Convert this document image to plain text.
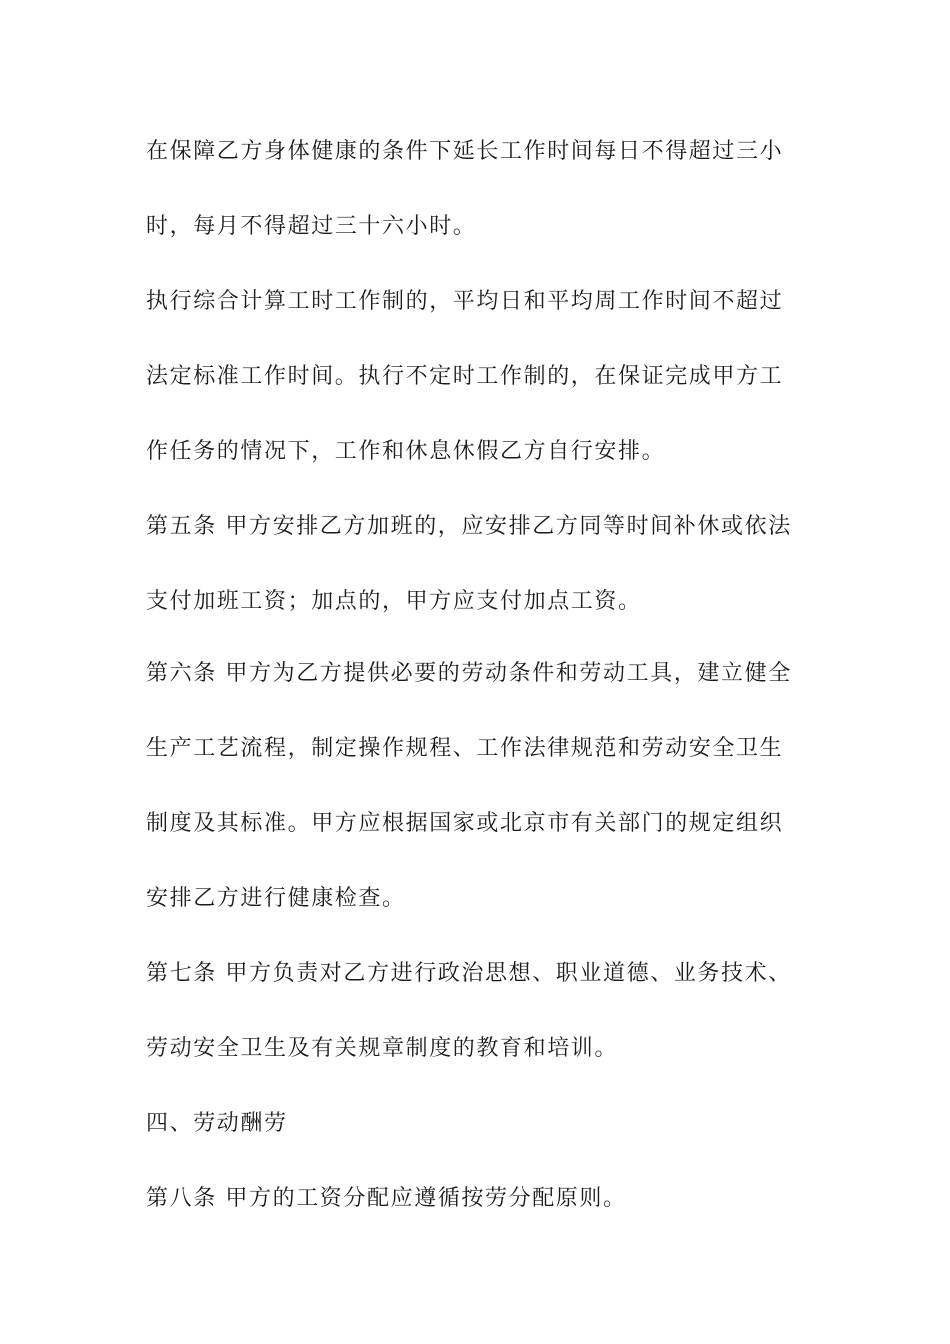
在保障乙方身体健康的条件下延长工作时间每日不得超过三小
时，每月不得超过三十六小时。
执行综合计算工时工作制的，平均日和平均周工作时间不超过
法定标准工作时间。执行不定时工作制的，在保证完成甲方工
作任务的情况下，工作和休息休假乙方自行安排。
第五条 甲方安排乙方加班的，应安排乙方同等时间补休或依法
支付加班工资；加点的，甲方应支付加点工资。
第六条 甲方为乙方提供必要的劳动条件和劳动工具，建立健全
生产工艺流程，制定操作规程、工作法律规范和劳动安全卫生
制度及其标准。甲方应根据国家或北京市有关部门的规定组织
安排乙方进行健康检查。
第七条 甲方负责对乙方进行政治思想、职业道德、业务技术、
劳动安全卫生及有关规章制度的教育和培训。
四、劳动酬劳
第八条 甲方的工资分配应遵循按劳分配原则。
